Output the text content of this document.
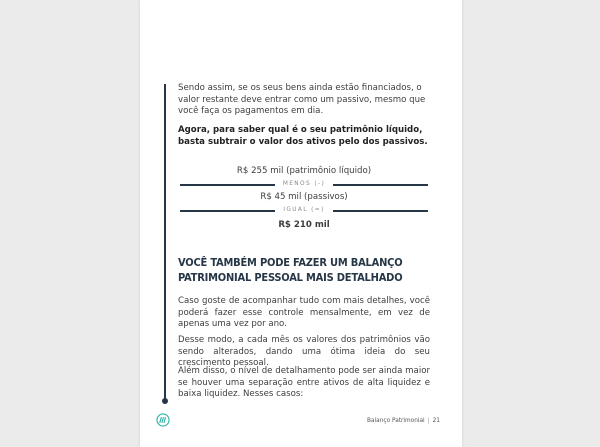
Sendo assim, se os seus bens ainda estão financiados, o valor restante deve entrar como um passivo, mesmo que você faça os pagamentos em dia.

Agora, para saber qual é o seu patrimônio líquido, basta subtrair o valor dos ativos pelo dos passivos.

R$ 255 mil (patrimônio líquido)
MENOS (-)
R$ 45 mil (passivos)
IGUAL (=)
R$ 210 mil
VOCÊ TAMBÉM PODE FAZER UM BALANÇO PATRIMONIAL PESSOAL MAIS DETALHADO

Caso goste de acompanhar tudo com mais detalhes, você poderá fazer esse controle mensalmente, em vez de apenas uma vez por ano.

Desse modo, a cada mês os valores dos patrimônios vão sendo alterados, dando uma ótima ideia do seu crescimento pessoal.

Além disso, o nível de detalhamento pode ser ainda maior se houver uma separação entre ativos de alta liquidez e baixa liquidez. Nesses casos:

Balanço Patrimonial | 21
